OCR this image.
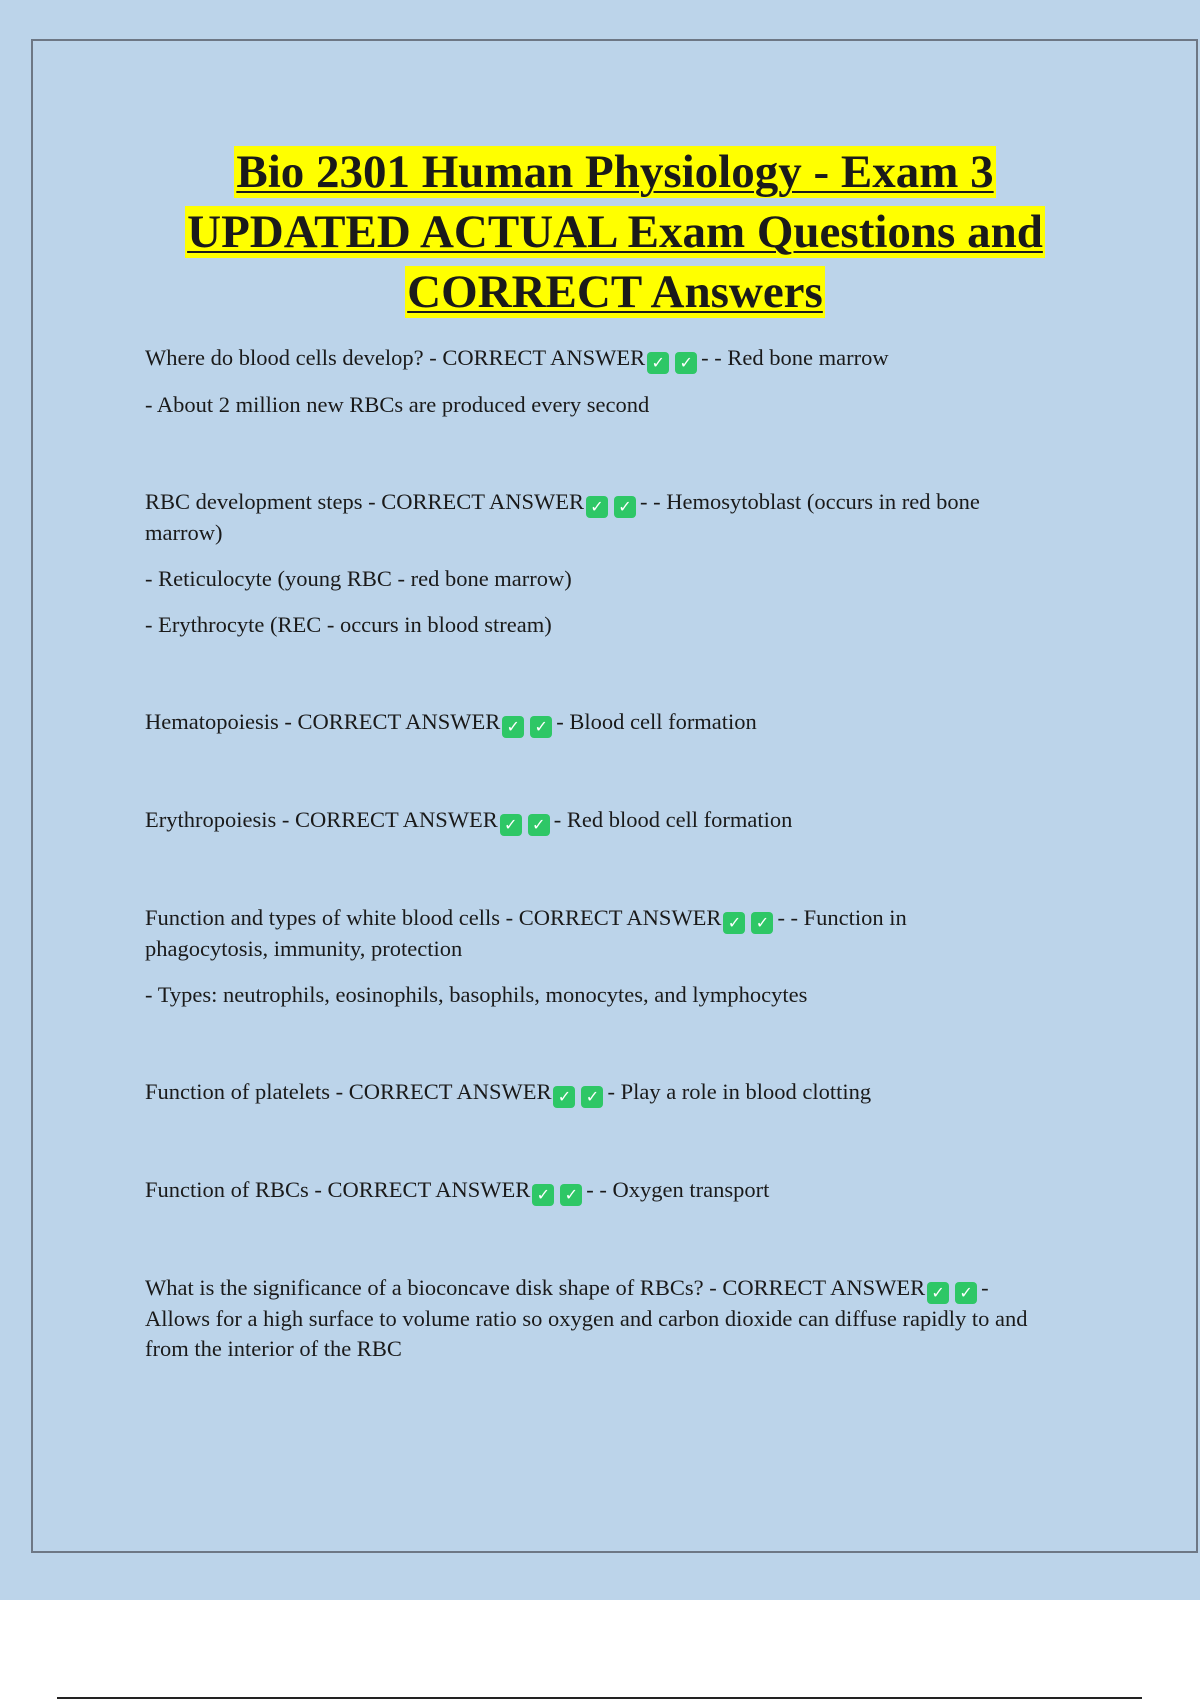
Bio 2301 Human Physiology - Exam 3
UPDATED ACTUAL Exam Questions and
CORRECT Answers

Where do blood cells develop? - CORRECT ANSWER ✓ ✓ - - Red bone marrow

- About 2 million new RBCs are produced every second

RBC development steps - CORRECT ANSWER ✓ ✓ - - Hemosytoblast (occurs in red bone
marrow)

- Reticulocyte (young RBC - red bone marrow)

- Erythrocyte (REC - occurs in blood stream)

Hematopoiesis - CORRECT ANSWER ✓ ✓ - Blood cell formation

Erythropoiesis - CORRECT ANSWER ✓ ✓ - Red blood cell formation

Function and types of white blood cells - CORRECT ANSWER ✓ ✓ - - Function in
phagocytosis, immunity, protection

- Types: neutrophils, eosinophils, basophils, monocytes, and lymphocytes

Function of platelets - CORRECT ANSWER ✓ ✓ - Play a role in blood clotting

Function of RBCs - CORRECT ANSWER ✓ ✓ - - Oxygen transport

What is the significance of a bioconcave disk shape of RBCs? - CORRECT ANSWER ✓ ✓ -
Allows for a high surface to volume ratio so oxygen and carbon dioxide can diffuse rapidly to and from the interior of the RBC
